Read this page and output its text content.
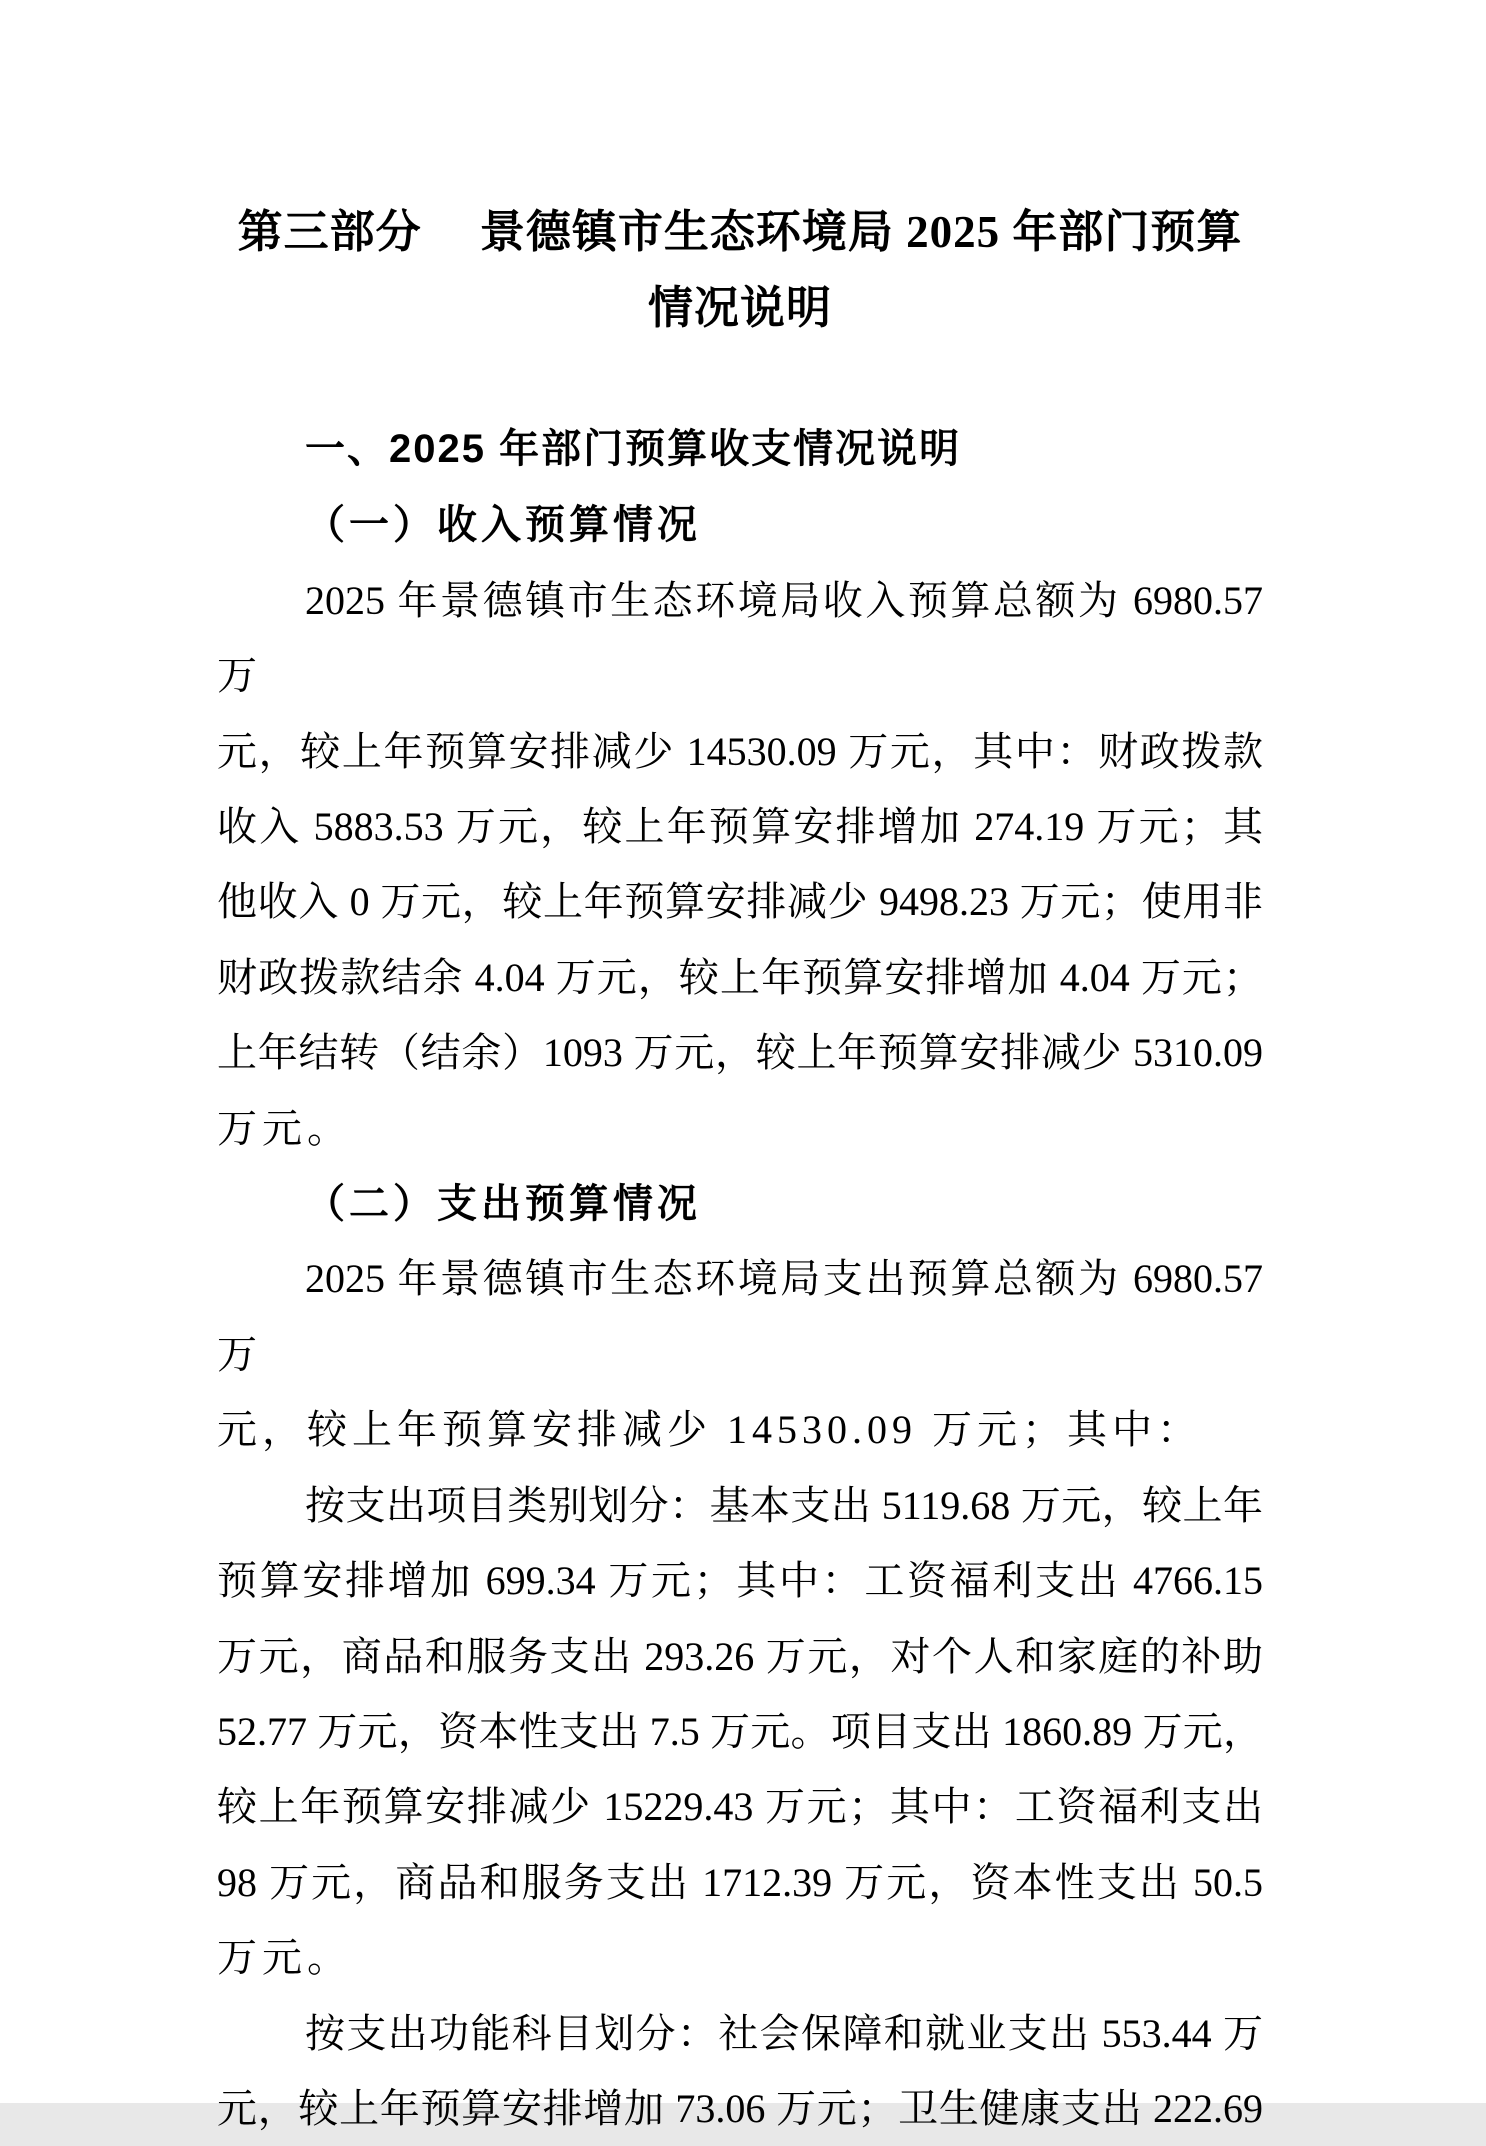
第三部分　 景德镇市生态环境局 2025 年部门预算情况说明
一、2025 年部门预算收支情况说明
（一）收入预算情况
2025 年景德镇市生态环境局收入预算总额为 6980.57 万
元，较上年预算安排减少 14530.09 万元，其中：财政拨款
收入 5883.53 万元，较上年预算安排增加 274.19 万元；其
他收入 0 万元，较上年预算安排减少 9498.23 万元；使用非
财政拨款结余 4.04 万元，较上年预算安排增加 4.04 万元；
上年结转（结余）1093 万元，较上年预算安排减少 5310.09
万元。
（二）支出预算情况
2025 年景德镇市生态环境局支出预算总额为 6980.57 万
元，较上年预算安排减少 14530.09 万元；其中：
按支出项目类别划分：基本支出 5119.68 万元，较上年
预算安排增加 699.34 万元；其中：工资福利支出 4766.15
万元，商品和服务支出 293.26 万元，对个人和家庭的补助
52.77 万元，资本性支出 7.5 万元。项目支出 1860.89 万元，
较上年预算安排减少 15229.43 万元；其中：工资福利支出
98 万元，商品和服务支出 1712.39 万元，资本性支出 50.5
万元。
按支出功能科目划分：社会保障和就业支出 553.44 万
元，较上年预算安排增加 73.06 万元；卫生健康支出 222.69
